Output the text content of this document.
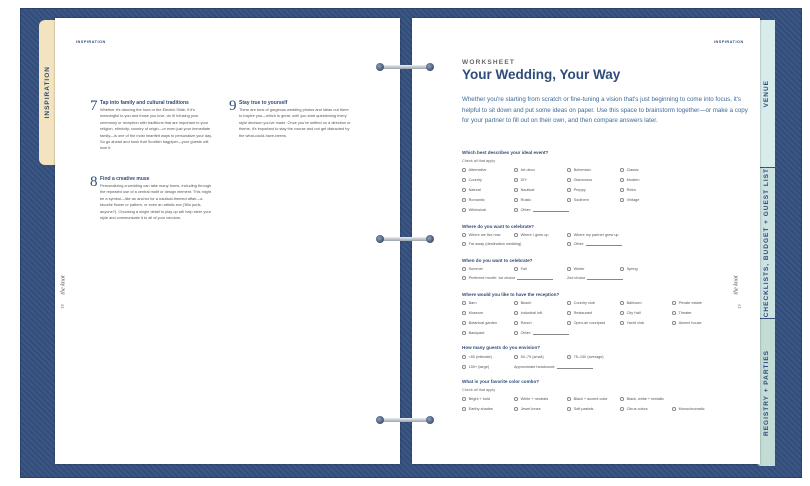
INSPIRATION	VENUE
CHECKLISTS, BUDGET + GUEST LIST
REGISTRY + PARTIES
INSPIRATION
7 Tap into family and cultural traditions
Whether it's dancing the hora or the Electric Slide, if it's meaningful to you and those you love, do it! Infusing your ceremony or reception with traditions that are important to your religion, ethnicity, country of origin—or even just your immediate family—is one of the most heartfelt ways to personalize your day. So go ahead and book that Scottish bagpiper—your guests will love it.
8 Find a creative muse
Personalizing a wedding can take many forms, including through the repeated use of a central motif or design element. This might be a symbol—like an anchor for a nautical-themed affair—a favorite flower or pattern, or even an artistic era ('80s punk, anyone?). Choosing a single detail to play up will help steer your style and communicate it to all of your vendors.
9 Stay true to yourself
There are tons of gorgeous wedding photos and ideas out there to inspire you—which is great, until you start questioning every style decision you've made. Once you've settled on a direction or theme, it's important to stay the course and not get distracted by the what-could-have-beens.
the knot
18
INSPIRATION
WORKSHEET
Your Wedding, Your Way
Whether you're starting from scratch or fine-tuning a vision that's just beginning to come into focus, it's helpful to sit down and put some ideas on paper. Use this space to brainstorm together—or make a copy for your partner to fill out on their own, and then compare answers later.
the knot
19
Which best describes your ideal event?
Check all that apply
Alternative	Art deco	Bohemian	Classic
Country	DIY	Glamorous	Modern
Natural	Nautical	Preppy	Retro
Romantic	Rustic	Southern	Vintage
Whimsical	Other:
Where do you want to celebrate?
Where we live now	Where I grew up	Where my partner grew up
Far away (destination wedding)	Other:
When do you want to celebrate?
Summer	Fall	Winter	Spring
Preferred month: 1st choice	2nd choice
Where would you like to have the reception?
Barn	Beach	Country club	Ballroom	Private estate
Museum	Industrial loft	Restaurant	City Hall	Theater
Botanical garden	Ranch	Open-air courtyard	Yacht club	Alumni house
Backyard	Other:
How many guests do you envision?
<50 (intimate)	50–75 (small)	75–150 (average)
150+ (large)	Approximate headcount:
What is your favorite color combo?
Check all that apply
Bright + bold	White + neutrals	Black + accent color	Black, white + metallic
Earthy shades	Jewel tones	Soft pastels	Citrus colors	Monochromatic
